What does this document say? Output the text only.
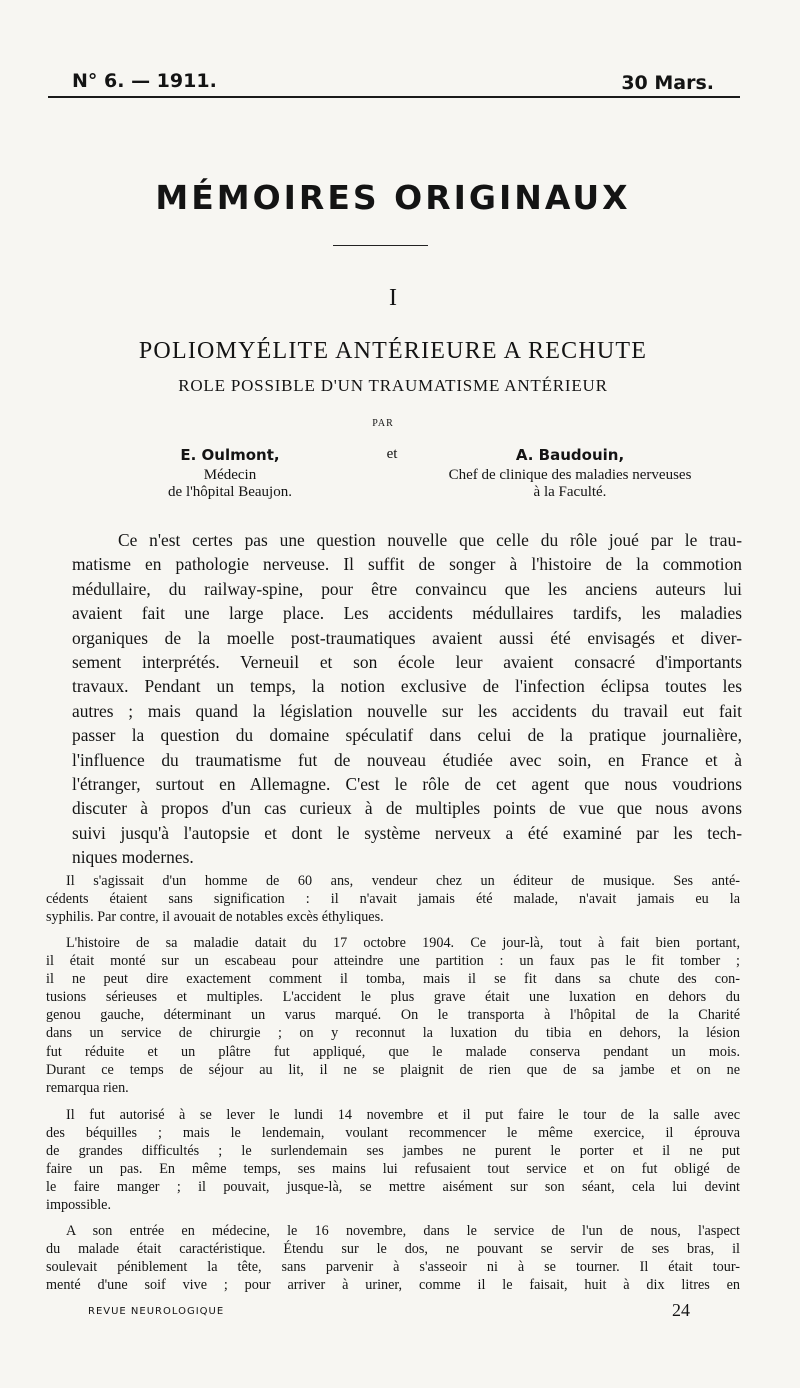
N° 6. — 1911.	30 Mars.
MÉMOIRES ORIGINAUX
I
POLIOMYÉLITE ANTÉRIEURE A RECHUTE
ROLE POSSIBLE D'UN TRAUMATISME ANTÉRIEUR
PAR
E. Oulmont,
Médecin
de l'hôpital Beaujon.
et	A. Baudouin,
Chef de clinique des maladies nerveuses
à la Faculté.
Ce n'est certes pas une question nouvelle que celle du rôle joué par le trau-
matisme en pathologie nerveuse. Il suffit de songer à l'histoire de la commotion
médullaire, du railway-spine, pour être convaincu que les anciens auteurs lui
avaient fait une large place. Les accidents médullaires tardifs, les maladies
organiques de la moelle post-traumatiques avaient aussi été envisagés et diver-
sement interprétés. Verneuil et son école leur avaient consacré d'importants
travaux. Pendant un temps, la notion exclusive de l'infection éclipsa toutes les
autres ; mais quand la législation nouvelle sur les accidents du travail eut fait
passer la question du domaine spéculatif dans celui de la pratique journalière,
l'influence du traumatisme fut de nouveau étudiée avec soin, en France et à
l'étranger, surtout en Allemagne. C'est le rôle de cet agent que nous voudrions
discuter à propos d'un cas curieux à de multiples points de vue que nous avons
suivi jusqu'à l'autopsie et dont le système nerveux a été examiné par les tech-
niques modernes.
Il s'agissait d'un homme de 60 ans, vendeur chez un éditeur de musique. Ses anté-
cédents étaient sans signification : il n'avait jamais été malade, n'avait jamais eu la
syphilis. Par contre, il avouait de notables excès éthyliques.
L'histoire de sa maladie datait du 17 octobre 1904. Ce jour-là, tout à fait bien portant,
il était monté sur un escabeau pour atteindre une partition : un faux pas le fit tomber ;
il ne peut dire exactement comment il tomba, mais il se fit dans sa chute des con-
tusions sérieuses et multiples. L'accident le plus grave était une luxation en dehors du
genou gauche, déterminant un varus marqué. On le transporta à l'hôpital de la Charité
dans un service de chirurgie ; on y reconnut la luxation du tibia en dehors, la lésion
fut réduite et un plâtre fut appliqué, que le malade conserva pendant un mois.
Durant ce temps de séjour au lit, il ne se plaignit de rien que de sa jambe et on ne
remarqua rien.
Il fut autorisé à se lever le lundi 14 novembre et il put faire le tour de la salle avec
des béquilles ; mais le lendemain, voulant recommencer le même exercice, il éprouva
de grandes difficultés ; le surlendemain ses jambes ne purent le porter et il ne put
faire un pas. En même temps, ses mains lui refusaient tout service et on fut obligé de
le faire manger ; il pouvait, jusque-là, se mettre aisément sur son séant, cela lui devint
impossible.
A son entrée en médecine, le 16 novembre, dans le service de l'un de nous, l'aspect
du malade était caractéristique. Étendu sur le dos, ne pouvant se servir de ses bras, il
soulevait péniblement la tête, sans parvenir à s'asseoir ni à se tourner. Il était tour-
menté d'une soif vive ; pour arriver à uriner, comme il le faisait, huit à dix litres en
REVUE NEUROLOGIQUE	24
